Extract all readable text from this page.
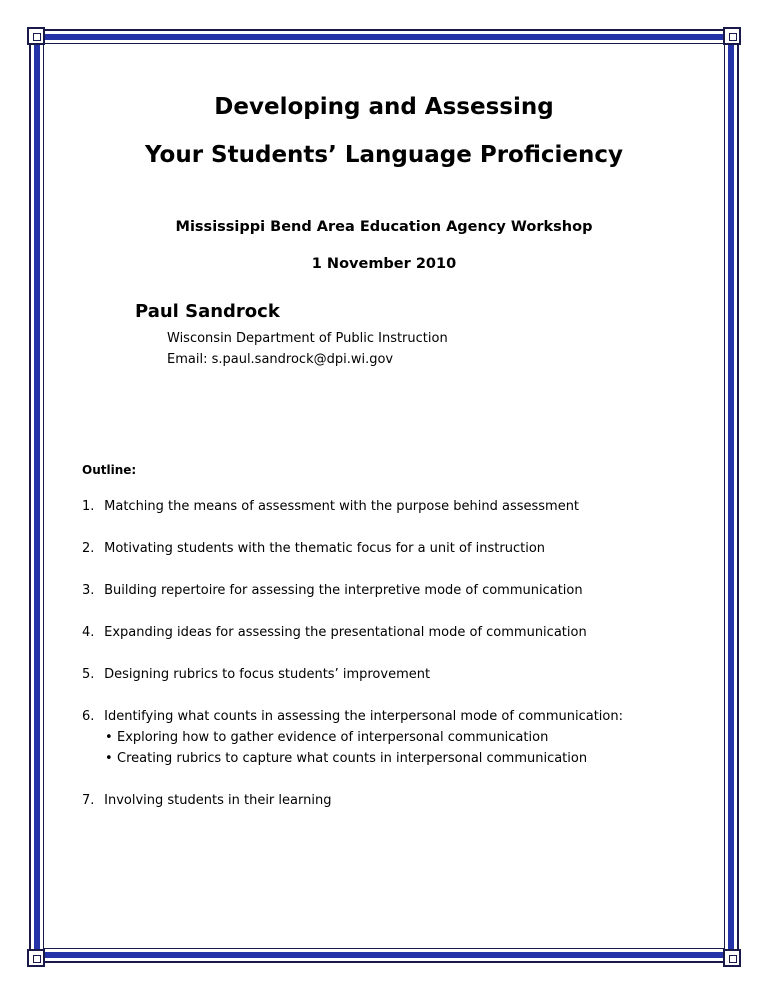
Developing and Assessing
Your Students’ Language Proficiency

Mississippi Bend Area Education Agency Workshop

1 November 2010

Paul Sandrock

Wisconsin Department of Public Instruction

Email: s.paul.sandrock@dpi.wi.gov

Outline:

1. Matching the means of assessment with the purpose behind assessment
2. Motivating students with the thematic focus for a unit of instruction
3. Building repertoire for assessing the interpretive mode of communication
4. Expanding ideas for assessing the presentational mode of communication
5. Designing rubrics to focus students’ improvement
6. Identifying what counts in assessing the interpersonal mode of communication:
• Exploring how to gather evidence of interpersonal communication
• Creating rubrics to capture what counts in interpersonal communication
7. Involving students in their learning
